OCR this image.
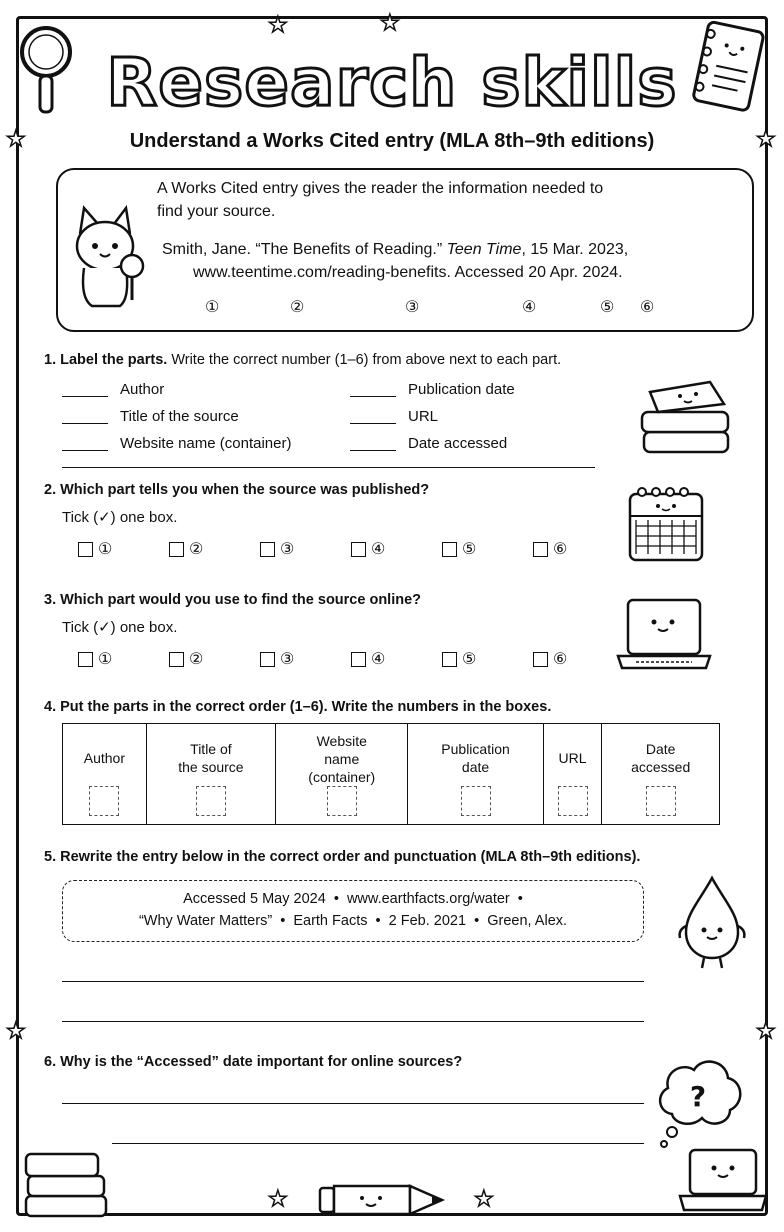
★	★
★	★
★	★
★	★
Research skills
Understand a Works Cited entry (MLA 8th–9th editions)
A Works Cited entry gives the reader the information needed to
find your source.
Smith, Jane. “The Benefits of Reading.” Teen Time, 15 Mar. 2023,
www.teentime.com/reading-benefits. Accessed 20 Apr. 2024.
①	②	③	④	⑤ ⑥
1. Label the parts. Write the correct number (1–6) from above next to each part.
Author
Title of the source
Website name (container)
Publication date
URL
Date accessed
2. Which part tells you when the source was published?
Tick (✓) one box.
①	②	③	④	⑤	⑥
3. Which part would you use to find the source online?
Tick (✓) one box.
①	②	③	④	⑤	⑥
4. Put the parts in the correct order (1–6). Write the numbers in the boxes.
Author

Title of
the source

Website
name
(container)

Publication
date

URL

Date
accessed
5. Rewrite the entry below in the correct order and punctuation (MLA 8th–9th editions).
Accessed 5 May 2024  •  www.earthfacts.org/water  •
“Why Water Matters”  •  Earth Facts  •  2 Feb. 2021  •  Green, Alex.
6. Why is the “Accessed” date important for online sources?
?
